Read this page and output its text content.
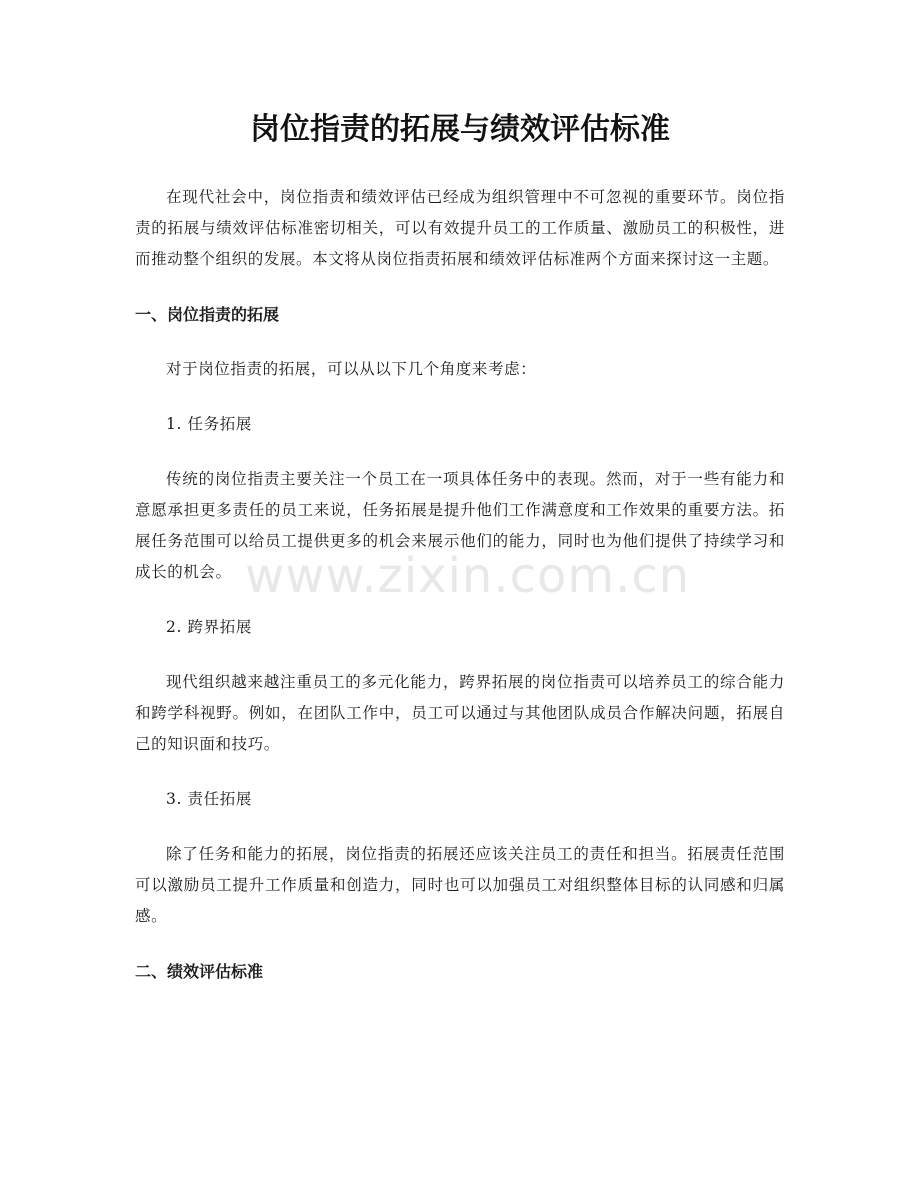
岗位指责的拓展与绩效评估标准
www.zixin.com.cn

在现代社会中，岗位指责和绩效评估已经成为组织管理中不可忽视的重要环节。岗位指责的拓展与绩效评估标准密切相关，可以有效提升员工的工作质量、激励员工的积极性，进而推动整个组织的发展。本文将从岗位指责拓展和绩效评估标准两个方面来探讨这一主题。

一、岗位指责的拓展

对于岗位指责的拓展，可以从以下几个角度来考虑：

1. 任务拓展

传统的岗位指责主要关注一个员工在一项具体任务中的表现。然而，对于一些有能力和意愿承担更多责任的员工来说，任务拓展是提升他们工作满意度和工作效果的重要方法。拓展任务范围可以给员工提供更多的机会来展示他们的能力，同时也为他们提供了持续学习和成长的机会。

2. 跨界拓展

现代组织越来越注重员工的多元化能力，跨界拓展的岗位指责可以培养员工的综合能力和跨学科视野。例如，在团队工作中，员工可以通过与其他团队成员合作解决问题，拓展自己的知识面和技巧。

3. 责任拓展

除了任务和能力的拓展，岗位指责的拓展还应该关注员工的责任和担当。拓展责任范围可以激励员工提升工作质量和创造力，同时也可以加强员工对组织整体目标的认同感和归属感。

二、绩效评估标准
